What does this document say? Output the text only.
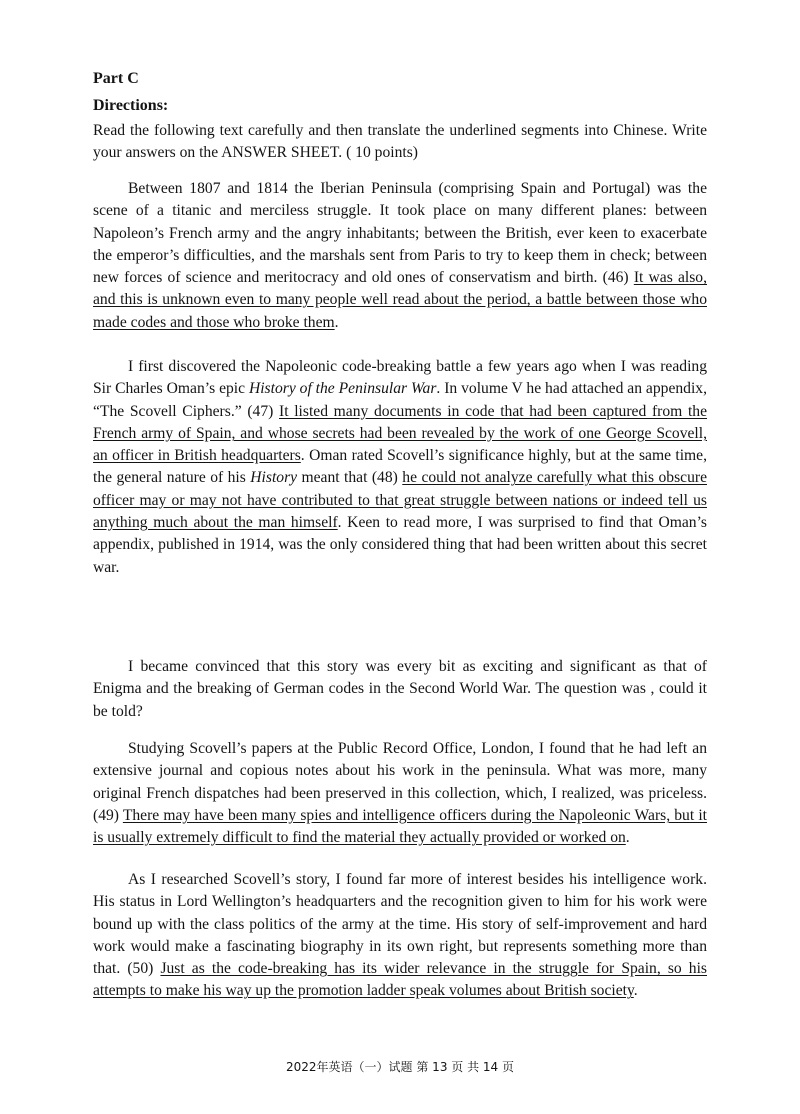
Part C
Directions:
Read the following text carefully and then translate the underlined segments into Chinese. Write your answers on the ANSWER SHEET. ( 10 points)
Between 1807 and 1814 the Iberian Peninsula (comprising Spain and Portugal) was the scene of a titanic and merciless struggle. It took place on many different planes: between Napoleon’s French army and the angry inhabitants; between the British, ever keen to exacerbate the emperor’s difficulties, and the marshals sent from Paris to try to keep them in check; between new forces of science and meritocracy and old ones of conservatism and birth. (46) It was also, and this is unknown even to many people well read about the period, a battle between those who made codes and those who broke them.
I first discovered the Napoleonic code-breaking battle a few years ago when I was reading Sir Charles Oman’s epic History of the Peninsular War. In volume V he had attached an appendix, “The Scovell Ciphers.” (47) It listed many documents in code that had been captured from the French army of Spain, and whose secrets had been revealed by the work of one George Scovell, an officer in British headquarters. Oman rated Scovell’s significance highly, but at the same time, the general nature of his History meant that (48) he could not analyze carefully what this obscure officer may or may not have contributed to that great struggle between nations or indeed tell us anything much about the man himself. Keen to read more, I was surprised to find that Oman’s appendix, published in 1914, was the only considered thing that had been written about this secret war.
I became convinced that this story was every bit as exciting and significant as that of Enigma and the breaking of German codes in the Second World War. The question was , could it be told?
Studying Scovell’s papers at the Public Record Office, London, I found that he had left an extensive journal and copious notes about his work in the peninsula. What was more, many original French dispatches had been preserved in this collection, which, I realized, was priceless. (49) There may have been many spies and intelligence officers during the Napoleonic Wars, but it is usually extremely difficult to find the material they actually provided or worked on.
As I researched Scovell’s story, I found far more of interest besides his intelligence work. His status in Lord Wellington’s headquarters and the recognition given to him for his work were bound up with the class politics of the army at the time. His story of self-improvement and hard work would make a fascinating biography in its own right, but represents something more than that. (50) Just as the code-breaking has its wider relevance in the struggle for Spain, so his attempts to make his way up the promotion ladder speak volumes about British society.
2022年英语（一）试题 第 13 页 共 14 页
